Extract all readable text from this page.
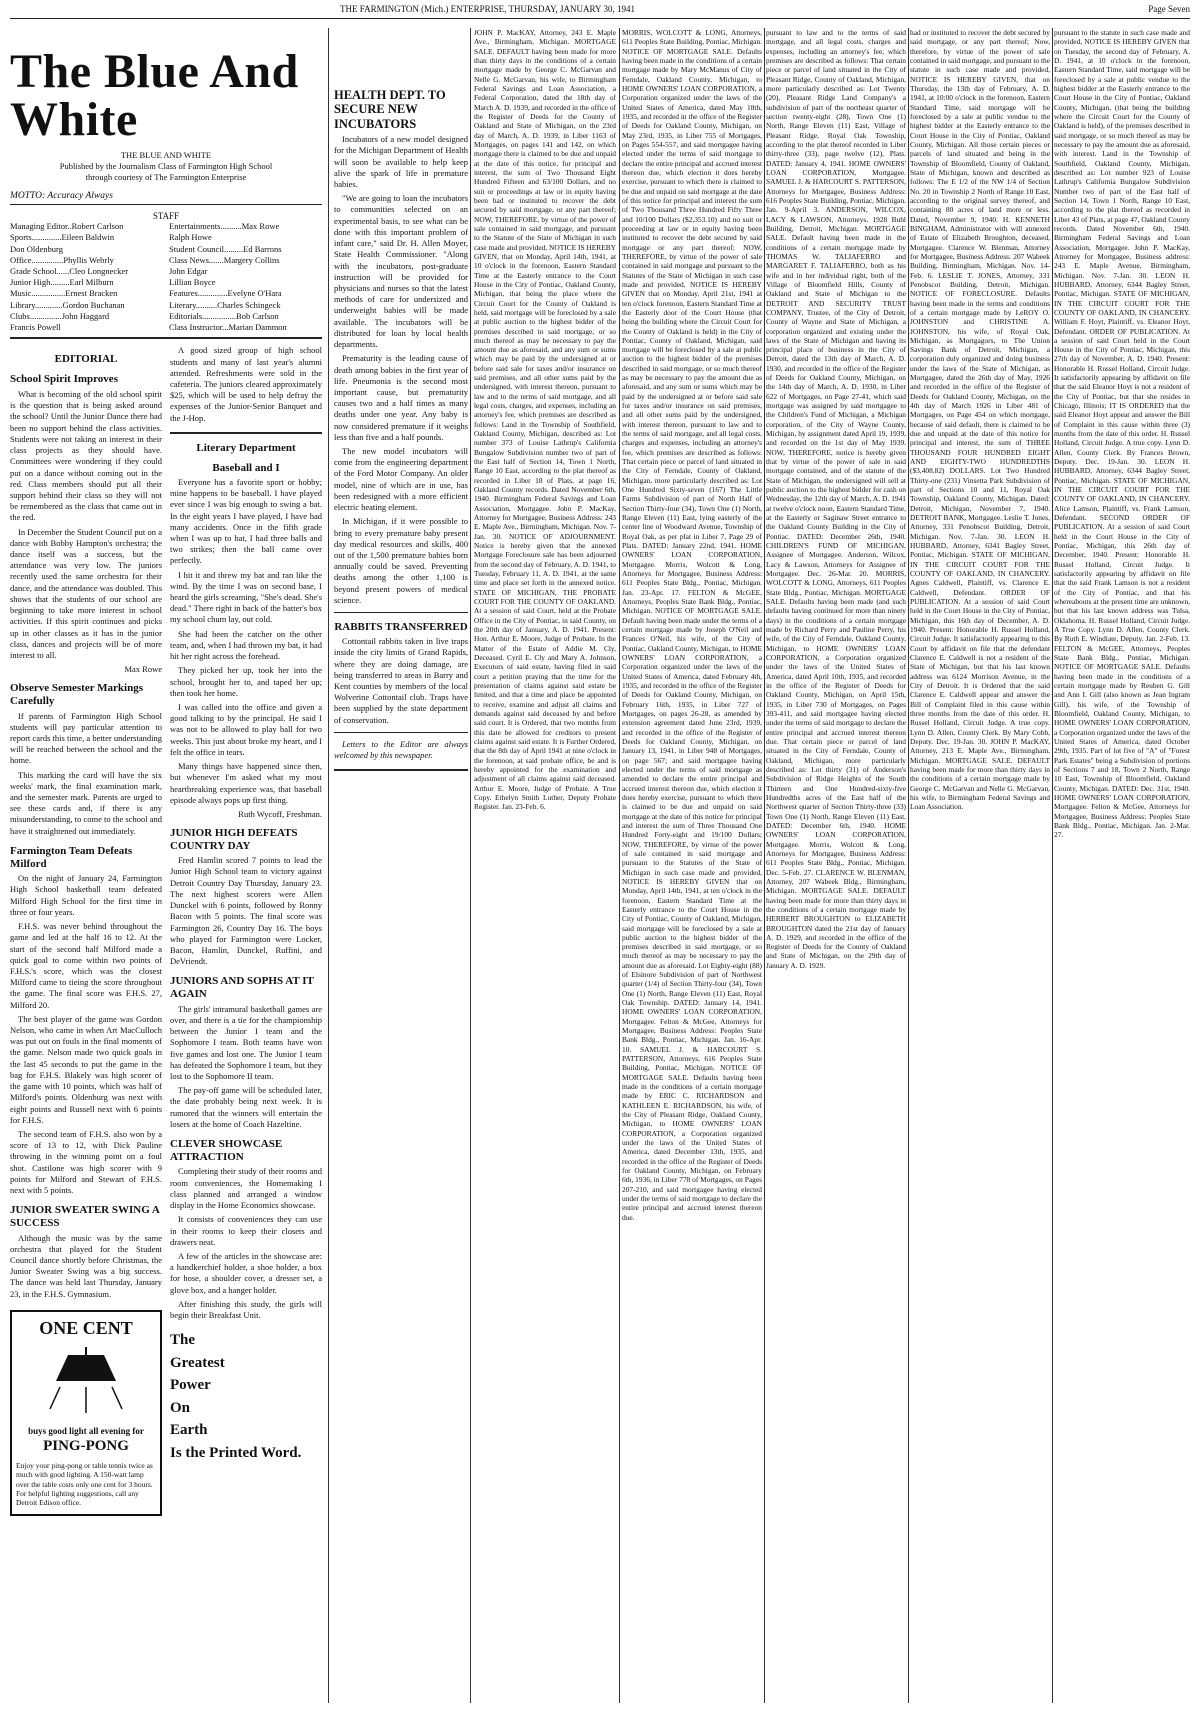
THE FARMINGTON (Mich.) ENTERPRISE, THURSDAY, JANUARY 30, 1941	Page Seven
The Blue And White
THE BLUE AND WHITE
Published by the Journalism Class of Farmington High School
through courtesy of The Farmington Enterprise
MOTTO: Accuracy Always
STAFF
Managing Editor..Robert Carlson
Sports..............Eileen Baldwin
Don Oldenburg
Office...............Phyllis Webrly
Grade School......Cleo Longnecker
Junior High.........Earl Milburn
Music................Ernest Bracken
Library.............Gordon Buchanan
Clubs...............John Haggard
Francis Powell
Entertainments..........Max Rowe
Ralph Howe
Student Council.........Ed Barrons
Class News.......Margery Collins
John Edgar
Lillian Boyce
Features..............Evelyne O'Hara
Literary..........Charles Schingeck
Editorials................Bob Carlson
Class Instructor...Marian Dammon
EDITORIAL
School Spirit Improves

What is becoming of the old school spirit is the question that is being asked around the school? Until the Junior Dance there had been no support behind the class activities. Students were not taking an interest in their class projects as they should have. Committees were wondering if they could put on a dance without coming out in the red. Class members should put all their support behind their class so they will not be remembered as the class that came out in the red.

In December the Student Council put on a dance with Bobby Hampton's orchestra; the dance itself was a success, but the attendance was very low. The juniors recently used the same orchestra for their dance, and the attendance was doubled. This shows that the students of our school are beginning to take more interest in school activities. If this spirit continues and picks up in other classes as it has in the junior class, dances and projects will be of more interest to all.

Max Rowe
Observe Semester Markings Carefully

If parents of Farmington High School students will pay particular attention to report cards this time, a better understanding will be reached between the school and the home.

This marking the card will have the six weeks' mark, the final examination mark, and the semester mark. Parents are urged to see these cards and, if there is any misunderstanding, to come to the school and have it straightened out immediately.

Farmington Team Defeats Milford

On the night of January 24, Farmington High School basketball team defeated Milford High School for the first time in three or four years.

F.H.S. was never behind throughout the game and led at the half 16 to 12. At the start of the second half Milford made a quick goal to come within two points of F.H.S.'s score, which was the closest Milford came to tieing the score throughout the game. The final score was F.H.S. 27, Milford 20.

The best player of the game was Gordon Nelson, who came in when Art MacCulloch was put out on fouls in the final moments of the game. Nelson made two quick goals in the last 45 seconds to put the game in the bag for F.H.S. Blakely was high scorer of the game with 10 points, which was half of Milford's points. Oldenburg was next with eight points and Russell next with 6 points for F.H.S.

The second team of F.H.S. also won by a score of 13 to 12, with Dick Pauline throwing in the winning point on a foul shot. Castilone was high scorer with 9 points for Milford and Stewart of F.H.S. next with 5 points.

JUNIOR SWEATER SWING A SUCCESS

Although the music was by the same orchestra that played for the Student Council dance shortly before Christmas, the Junior Sweater Swing was a big success. The dance was held last Thursday, January 23, in the F.H.S. Gymnasium.

ONE CENT
buys good light all evening for
PING-PONG
Enjoy your ping-pong or table tennis twice as much with good lighting. A 150-watt lamp over the table costs only one cent for 3 hours. For helpful lighting suggestions, call any Detroit Edison office.

A good sized group of high school students and many of last year's alumni attended. Refreshments were sold in the cafeteria. The juniors cleared approximately $25, which will be used to help defray the expenses of the Junior-Senior Banquet and the J-Hop.

Literary Department
Baseball and I

Everyone has a favorite sport or hobby; mine happens to be baseball. I have played ever since I was big enough to swing a bat. In the eight years I have played, I have had many accidents. Once in the fifth grade when I was up to bat, I had three balls and two strikes; then the ball came over perfectly.

I hit it and threw my bat and ran like the wind. By the time I was on second base, I heard the girls screaming, "She's dead. She's dead." There right in back of the batter's box my school chum lay, out cold.

She had been the catcher on the other team, and, when I had thrown my bat, it had hit her right across the forehead.

They picked her up, took her into the school, brought her to, and taped her up; then took her home.

I was called into the office and given a good talking to by the principal. He said I was not to be allowed to play ball for two weeks. This just about broke my heart, and I felt the office in tears.

Many things have happened since then, but whenever I'm asked what my most heartbreaking experience was, that baseball episode always pops up first thing.

Ruth Wycoff, Freshman.
JUNIOR HIGH DEFEATS COUNTRY DAY

Fred Hamlin scored 7 points to lead the Junior High School team to victory against Detroit Country Day Thursday, January 23. The next highest scorers were Allen Dunckel with 6 points, followed by Ronny Bacon with 5 points. The final score was Farmington 26, Country Day 16. The boys who played for Farmington were Locker, Bacon, Hamlin, Dunckel, Ruffini, and DeVriendt.

JUNIORS AND SOPHS AT IT AGAIN

The girls' intramural basketball games are over, and there is a tie for the championship between the Junior I team and the Sophomore I team. Both teams have won five games and lost one. The Junior I team has defeated the Sophomore I team, but they lost to the Sophomore II team.

The pay-off game will be scheduled later, the date probably being next week. It is rumored that the winners will entertain the losers at the home of Coach Hazeltine.

CLEVER SHOWCASE ATTRACTION

Completing their study of their rooms and room conveniences, the Homemaking I class planned and arranged a window display in the Home Economics showcase.

It consists of conveniences they can use in their rooms to keep their closets and drawers neat.

A few of the articles in the showcase are: a handkerchief holder, a shoe holder, a box for hose, a shoulder cover, a dresser set, a glove box, and a hanger holder.

After finishing this study, the girls will begin their Breakfast Unit.

The
Greatest
Power
On
Earth
Is the Printed Word.
HEALTH DEPT. TO SECURE NEW INCUBATORS

Incubators of a new model designed for the Michigan Department of Health will soon be available to help keep alive the spark of life in premature babies.

"We are going to loan the incubators to communities selected on an experimental basis, to see what can be done with this important problem of infant care," said Dr. H. Allen Moyer, State Health Commissioner. "Along with the incubators, post-graduate instruction will be provided for physicians and nurses so that the latest methods of care for undersized and underweight babies will be made available. The incubators will be distributed for loan by local health departments.

Prematurity is the leading cause of death among babies in the first year of life. Pneumonia is the second most important cause, but prematurity causes two and a half times as many deaths under one year. Any baby is now considered premature if it weighs less than five and a half pounds.

The new model incubators will come from the engineering department of the Ford Motor Company. An older model, nine of which are in use, has been redesigned with a more efficient electric heating element.

In Michigan, if it were possible to bring to every premature baby present day medical resources and skills, 400 out of the 1,500 premature babies born annually could be saved. Preventing deaths among the other 1,100 is beyond present powers of medical science.

RABBITS TRANSFERRED

Cottontail rabbits taken in live traps inside the city limits of Grand Rapids, where they are doing damage, are being transferred to areas in Barry and Kent counties by members of the local Wolverine Cottontail club. Traps have been supplied by the state department of conservation.

Letters to the Editor are always welcomed by this newspaper.

JOHN P. MacKAY, Attorney, 243 E. Maple Ave., Birmingham, Michigan. MORTGAGE SALE. DEFAULT having been made for more than thirty days in the conditions of a certain mortgage made by George C. McGarvan and Nelle G. McGarvan, his wife, to Birmingham Federal Savings and Loan Association, a Federal Corporation, dated the 18th day of March A. D. 1939, and recorded in the office of the Register of Deeds for the County of Oakland and State of Michigan, on the 23rd day of March, A. D. 1939, in Liber 1163 of Mortgages, on pages 141 and 142, on which mortgage there is claimed to be due and unpaid at the date of this notice, for principal and interest, the sum of Two Thousand Eight Hundred Fifteen and 63/100 Dollars, and no suit or proceedings at law or in equity having been had or instituted to recover the debt secured by said mortgage, or any part thereof; NOW, THEREFORE, by virtue of the power of sale contained in said mortgage, and pursuant to the Statute of the State of Michigan in such case made and provided, NOTICE IS HEREBY GIVEN, that on Monday, April 14th, 1941, at 10 o'clock in the forenoon, Eastern Standard Time at the Easterly entrance to the Court House in the City of Pontiac, Oakland County, Michigan, that being the place where the Circuit Court for the County of Oakland is held, said mortgage will be foreclosed by a sale at public auction to the highest bidder of the premises described in said mortgage, or so much thereof as may be necessary to pay the amount due as aforesaid, and any sum or sums which may be paid by the undersigned at or before said sale for taxes and/or insurance on said premises, and all other sums paid by the undersigned, with interest thereon, pursuant to law and to the terms of said mortgage, and all legal costs, charges, and expenses, including an attorney's fee, which premises are described as follows: Land in the Township of Southfield, Oakland County, Michigan, described as: Lot number 373 of Louise Lathrup's California Bungalow Subdivision number two of part of the East half of Section 14, Town 1 North, Range 10 East, according to the plat thereof as recorded in Liber 18 of Plats, at page 16, Oakland County records. Dated November 6th, 1940. Birmingham Federal Savings and Loan Association, Mortgagee. John P. MacKay, Attorney for Mortgagee, Business Address: 243 E. Maple Ave., Birmingham, Michigan. Nov. 7-Jan. 30. NOTICE OF ADJOURNMENT. Notice is hereby given that the annexed Mortgage Foreclosure sale has been adjourned from the second day of February, A. D. 1941, to Tuesday, February 11, A. D. 1941, at the same time and place set forth in the annexed notice. STATE OF MICHIGAN, THE PROBATE COURT FOR THE COUNTY OF OAKLAND. At a session of said Court, held at the Probate Office in the City of Pontiac, in said County, on the 20th day of January, A. D. 1941. Present: Hon. Arthur E. Moore, Judge of Probate. In the Matter of the Estate of Addie M. Cly, Deceased. Cyril E. Cly and Mary A. Johnson, Executors of said estate, having filed in said court a petition praying that the time for the presentation of claims against said estate be limited, and that a time and place be appointed to receive, examine and adjust all claims and demands against said deceased by and before said court. It is Ordered, that two months from this date be allowed for creditors to present claims against said estate. It is Further Ordered, that the 8th day of April 1941 at nine o'clock in the forenoon, at said probate office, be and is hereby appointed for the examination and adjustment of all claims against said deceased. Arthur E. Moore, Judge of Probate. A True Copy. Ethelyn Smith Luther, Deputy Probate Register. Jan. 23-Feb. 6.

MORRIS, WOLCOTT & LONG, Attorneys, 611 Peoples State Building, Pontiac, Michigan. NOTICE OF MORTGAGE SALE. Defaults having been made in the conditions of a certain mortgage made by Mary McManus of City of Ferndale, Oakland County, Michigan, to HOME OWNERS' LOAN CORPORATION, a Corporation organized under the laws of the United States of America, dated May 18th, 1935, and recorded in the office of the Register of Deeds for Oakland County, Michigan, on May 23rd, 1935, in Liber 755 of Mortgages, on Pages 554-557, and said mortgagee having elected under the terms of said mortgage to declare the entire principal and accrued interest thereon due, which election it does hereby exercise, pursuant to which there is claimed to be due and unpaid on said mortgage at the date of this notice for principal and interest the sum of Two Thousand Three Hundred Fifty Three and 10/100 Dollars ($2,353.10) and no suit or proceeding at law or in equity having been instituted to recover the debt secured by said mortgage or any part thereof; NOW, THEREFORE, by virtue of the power of sale contained in said mortgage and pursuant to the Statutes of the State of Michigan in such case made and provided, NOTICE IS HEREBY GIVEN that on Monday, April 21st, 1941 at ten o'clock forenoon, Eastern Standard Time at the Easterly door of the Court House (that being the building where the Circuit Court for the County of Oakland is held) in the City of Pontiac, County of Oakland, Michigan, said mortgage will be foreclosed by a sale at public auction to the highest bidder of the premises described in said mortgage, or so much thereof as may be necessary to pay the amount due as aforesaid, and any sum or sums which may be paid by the undersigned at or before said sale for taxes and/or insurance on said premises, and all other sums paid by the undersigned, with interest thereon, pursuant to law and to the terms of said mortgage, and all legal costs, charges and expenses, including an attorney's fee, which premises are described as follows: That certain piece or parcel of land situated in the City of Ferndale, County of Oakland, Michigan, more particularly described as: Lot One Hundred Sixty-seven (167) The Little Farms Subdivision of part of North Half of Section Thirty-four (34), Town One (1) North, Range Eleven (11) East, lying easterly of the center line of Woodward Avenue, Township of Royal Oak, as per plat in Liber 7, Page 29 of Plats. DATED: January 22nd, 1941. HOME OWNERS' LOAN CORPORATION, Mortgagee. Morris, Wolcott & Long, Attorneys for Mortgagee, Business Address: 611 Peoples State Bldg., Pontiac, Michigan. Jan. 23-Apr. 17. FELTON & McGEE, Attorneys, Peoples State Bank Bldg., Pontiac, Michigan. NOTICE OF MORTGAGE SALE. Default having been made under the terms of a certain mortgage made by Joseph O'Neil and Frances O'Neil, his wife, of the City of Pontiac, Oakland County, Michigan, to HOME OWNERS' LOAN CORPORATION, a Corporation organized under the laws of the United States of America, dated February 4th, 1935, and recorded in the office of the Register of Deeds for Oakland County, Michigan, on February 16th, 1935, in Liber 727 of Mortgages, on pages 26-28, as amended by extension agreement dated June 23rd, 1939, and recorded in the office of the Register of Deeds for Oakland County, Michigan, on January 13, 1941, in Liber 948 of Mortgages, on page 567; and said mortgagee having elected under the terms of said mortgage as amended to declare the entire principal and accrued interest thereon due, which election it does hereby exercise, pursuant to which there is claimed to be due and unpaid on said mortgage at the date of this notice for principal and interest the sum of Three Thousand One Hundred Forty-eight and 19/100 Dollars; NOW, THEREFORE, by virtue of the power of sale contained in said mortgage and pursuant to the Statutes of the State of Michigan in such case made and provided, NOTICE IS HEREBY GIVEN that on Monday, April 14th, 1941, at ten o'clock in the forenoon, Eastern Standard Time at the Easterly entrance to the Court House in the City of Pontiac, County of Oakland, Michigan, said mortgage will be foreclosed by a sale at public auction to the highest bidder of the premises described in said mortgage, or so much thereof as may be necessary to pay the amount due as aforesaid. Lot Eighty-eight (88) of Elsinore Subdivision of part of Northwest quarter (1/4) of Section Thirty-four (34), Town One (1) North, Range Eleven (11) East, Royal Oak Township. DATED: January 14, 1941. HOME OWNERS' LOAN CORPORATION, Mortgagee. Felton & McGee, Attorneys for Mortgagee, Business Address: Peoples State Bank Bldg., Pontiac, Michigan. Jan. 16-Apr. 10. SAMUEL J. & HARCOURT S. PATTERSON, Attorneys, 616 Peoples State Building, Pontiac, Michigan. NOTICE OF MORTGAGE SALE. Defaults having been made in the conditions of a certain mortgage made by ERIC C. RICHARDSON and KATHLEEN E. RICHARDSON, his wife, of the City of Pleasant Ridge, Oakland County, Michigan, to HOME OWNERS' LOAN CORPORATION, a Corporation organized under the laws of the United States of America, dated December 13th, 1935, and recorded in the office of the Register of Deeds for Oakland County, Michigan, on February 6th, 1936, in Liber 778 of Mortgages, on Pages 207-210, and said mortgagee having elected under the terms of said mortgage to declare the entire principal and accrued interest thereon due.

pursuant to law and to the terms of said mortgage, and all legal costs, charges and expenses, including an attorney's fee, which premises are described as follows: That certain piece or parcel of land situated in the City of Pleasant Ridge, County of Oakland, Michigan, more particularly described as: Lot Twenty (20), Pleasant Ridge Land Company's a subdivision of part of the northeast quarter of section twenty-eight (28), Town One (1) North, Range Eleven (11) East, Village of Pleasant Ridge, Royal Oak Township, according to the plat thereof recorded in Liber thirty-three (33), page twelve (12), Plats. DATED: January 4, 1941. HOME OWNERS' LOAN CORPORATION, Mortgagee. SAMUEL J. & HARCOURT S. PATTERSON, Attorneys for Mortgagee, Business Address: 616 Peoples State Building, Pontiac, Michigan. Jan. 9-April 3. ANDERSON, WILCOX, LACY & LAWSON, Attorneys, 1928 Buhl Building, Detroit, Michigan. MORTGAGE SALE. Default having been made in the conditions of a certain mortgage made by THOMAS W. TALIAFERRO and MARGARET F. TALIAFERRO, both as his wife and in her individual right, both of the Village of Bloomfield Hills, County of Oakland and State of Michigan to the DETROIT AND SECURITY TRUST COMPANY, Trustee, of the City of Detroit, County of Wayne and State of Michigan, a corporation organized and existing under the laws of the State of Michigan and having its principal place of business in the City of Detroit, dated the 13th day of March, A. D. 1930, and recorded in the office of the Register of Deeds for Oakland County, Michigan, on the 14th day of March, A. D. 1930, in Liber 622 of Mortgages, on Page 27-41, which said mortgage was assigned by said mortgagee to the Children's Fund of Michigan, a Michigan corporation, of the City of Wayne County, Michigan, by assignment dated April 19, 1939, and recorded on the 1st day of May 1939. NOW, THEREFORE, notice is hereby given that by virtue of the power of sale in said mortgage contained, and of the statute of the State of Michigan, the undersigned will sell at public auction to the highest bidder for cash on Wednesday, the 12th day of March, A. D. 1941 at twelve o'clock noon, Eastern Standard Time, at the Easterly or Saginaw Street entrance to the Oakland County Building in the City of Pontiac. DATED: December 26th, 1940. CHILDREN'S FUND OF MICHIGAN, Assignee of Mortgagee. Anderson, Wilcox, Lacy & Lawson, Attorneys for Assignee of Mortgagee. Dec. 26-Mar. 20. MORRIS, WOLCOTT & LONG, Attorneys, 611 Peoples State Bldg., Pontiac, Michigan. MORTGAGE SALE. Defaults having been made (and such defaults having continued for more than ninety days) in the conditions of a certain mortgage made by Richard Perry and Pauline Perry, his wife, of the City of Ferndale, Oakland County, Michigan, to HOME OWNERS' LOAN CORPORATION, a Corporation organized under the laws of the United States of America, dated April 10th, 1935, and recorded in the office of the Register of Deeds for Oakland County, Michigan, on April 15th, 1935, in Liber 730 of Mortgages, on Pages 393-411, and said mortgagee having elected under the terms of said mortgage to declare the entire principal and accrued interest thereon due. That certain piece or parcel of land situated in the City of Ferndale, County of Oakland, Michigan, more particularly described as: Lot thirty (31) of Anderson's Subdivision of Ridge Heights of the South Thirteen and One Hundred-sixty-five Hundredths acres of the East half of the Northwest quarter of Section Thirty-three (33) Town One (1) North, Range Eleven (11) East. DATED: December 6th, 1940. HOME OWNERS' LOAN CORPORATION, Mortgagee. Morris, Wolcott & Long, Attorneys for Mortgagee, Business Address: 611 Peoples State Bldg., Pontiac, Michigan. Dec. 5-Feb. 27. CLARENCE W. BLENMAN, Attorney, 207 Wabeek Bldg., Birmingham, Michigan. MORTGAGE SALE. DEFAULT having been made for more than thirty days in the conditions of a certain mortgage made by HERBERT BROUGHTON to ELIZABETH BROUGHTON dated the 21st day of January A. D. 1929, and recorded in the office of the Register of Deeds for the County of Oakland and State of Michigan, on the 29th day of January A. D. 1929.

had or instituted to recover the debt secured by said mortgage, or any part thereof; Now, therefore, by virtue of the power of sale contained in said mortgage, and pursuant to the statute in such case made and provided, NOTICE IS HEREBY GIVEN, that on Thursday, the 13th day of February, A. D. 1941, at 10:00 o'clock in the forenoon, Eastern Standard Time, said mortgage will be foreclosed by a sale at public vendue to the highest bidder at the Easterly entrance to the Court House in the City of Pontiac, Oakland County, Michigan. All those certain pieces or parcels of land situated and being in the Township of Bloomfield, County of Oakland, State of Michigan, known and described as follows: The E 1/2 of the NW 1/4 of Section No. 20 in Township 2 North of Range 10 East, according to the original survey thereof, and containing 80 acres of land more or less. Dated, November 9, 1940. H. KENNETH BINGHAM, Administrator with will annexed of Estate of Elizabeth Broughton, deceased, Mortgagee. Clarence W. Blenman, Attorney for Mortgagee, Business Address: 207 Wabeek Building, Birmingham, Michigan. Nov. 14-Feb. 6. LESLIE T. JONES, Attorney, 331 Penobscot Building, Detroit, Michigan. NOTICE OF FORECLOSURE. Defaults having been made in the terms and conditions of a certain mortgage made by LeROY O. JOHNSTON and CHRISTINE A. JOHNSTON, his wife, of Royal Oak, Michigan, as Mortgagors, to The Union Savings Bank of Detroit, Michigan, a corporation duly organized and doing business under the laws of the State of Michigan, as Mortgagee, dated the 26th day of May, 1926 and recorded in the office of the Register of Deeds for Oakland County, Michigan, on the 4th day of March 1926 in Liber 481 of Mortgages, on Page 454 on which mortgage, because of said default, there is claimed to be due and unpaid at the date of this notice for principal and interest, the sum of THREE THOUSAND FOUR HUNDRED EIGHT AND EIGHTY-TWO HUNDREDTHS ($3,408.82) DOLLARS. Lot Two Hundred Thirty-one (231) Vinsetta Park Subdivision of part of Sections 10 and 11, Royal Oak Township, Oakland County, Michigan. Dated: Detroit, Michigan, November 7, 1940. DETROIT BANK, Mortgagee. Leslie T. Jones, Attorney, 331 Penobscot Building, Detroit, Michigan. Nov. 7-Jan. 30. LEON H. HUBBARD, Attorney, 6341 Bagley Street, Pontiac, Michigan. STATE OF MICHIGAN, IN THE CIRCUIT COURT FOR THE COUNTY OF OAKLAND, IN CHANCERY. Agnes Caldwell, Plaintiff, vs. Clarence E. Caldwell, Defendant. ORDER OF PUBLICATION. At a session of said Court held in the Court House in the City of Pontiac, Michigan, this 16th day of December, A. D. 1940. Present: Honorable H. Russel Holland, Circuit Judge. It satisfactorily appearing to this Court by affidavit on file that the defendant Clarence E. Caldwell is not a resident of the State of Michigan, but that his last known address was 6124 Morrison Avenue, in the City of Detroit. It is Ordered that the said Clarence E. Caldwell appear and answer the Bill of Complaint filed in this cause within three months from the date of this order. H. Russel Holland, Circuit Judge. A true copy. Lynn D. Allen, County Clerk. By Mary Cobb, Deputy. Dec. 19-Jan. 30. JOHN P. MacKAY, Attorney, 213 E. Maple Ave., Birmingham, Michigan. MORTGAGE SALE. DEFAULT having been made for more than thirty days in the conditions of a certain mortgage made by George C. McGarvan and Nelle G. McGarvan, his wife, to Birmingham Federal Savings and Loan Association.

pursuant to the statute in such case made and provided, NOTICE IS HEREBY GIVEN that on Tuesday, the second day of February, A. D. 1941, at 10 o'clock in the forenoon, Eastern Standard Time, said mortgage will be foreclosed by a sale at public vendue to the highest bidder at the Easterly entrance to the Court House in the City of Pontiac, Oakland County, Michigan, (that being the building where the Circuit Court for the County of Oakland is held), of the premises described in said mortgage, or so much thereof as may be necessary to pay the amount due as aforesaid, with interest. Land in the Township of Southfield, Oakland County, Michigan, described as: Lot number 923 of Louise Lathrup's California Bungalow Subdivision Number two of part of the East half of Section 14, Town 1 North, Range 10 East, according to the plat thereof as recorded in Liber 43 of Plats, at page 47, Oakland County records. Dated November 6th, 1940. Birmingham Federal Savings and Loan Association, Mortgagee. John P. MacKay, Attorney for Mortgagee, Business address: 243 E. Maple Avenue, Birmingham, Michigan. Nov. 7-Jan. 30. LEON H. HUBBARD, Attorney, 6344 Bagley Street, Pontiac, Michigan. STATE OF MICHIGAN, IN THE CIRCUIT COURT FOR THE COUNTY OF OAKLAND, IN CHANCERY. William F. Hoyt, Plaintiff, vs. Eleanor Hoyt, Defendant. ORDER OF PUBLICATION. At a session of said Court held in the Court House in the City of Pontiac, Michigan, this 27th day of November, A. D. 1940. Present: Honorable H. Russel Holland, Circuit Judge. It satisfactorily appearing by affidavit on file that the said Eleanor Hoyt is not a resident of the City of Pontiac, but that she resides in Chicago, Illinois; IT IS ORDERED that the said Eleanor Hoyt appear and answer the Bill of Complaint in this cause within three (3) months from the date of this order. H. Russel Holland, Circuit Judge. A true copy. Lynn D. Allen, County Clerk. By Frances Brown, Deputy. Dec. 19-Jan. 30. LEON H. HUBBARD, Attorney, 6344 Bagley Street, Pontiac, Michigan. STATE OF MICHIGAN, IN THE CIRCUIT COURT FOR THE COUNTY OF OAKLAND, IN CHANCERY. Alice Lamson, Plaintiff, vs. Frank Lamson, Defendant. SECOND ORDER OF PUBLICATION. At a session of said Court held in the Court House in the City of Pontiac, Michigan, this 26th day of December, 1940. Present: Honorable H. Russel Holland, Circuit Judge. It satisfactorily appearing by affidavit on file that the said Frank Lamson is not a resident of the City of Pontiac, and that his whereabouts at the present time are unknown, but that his last known address was Tulsa, Oklahoma. H. Russel Holland, Circuit Judge. A True Copy. Lynn D. Allen, County Clerk. By Ruth E. Windiate, Deputy. Jan. 2-Feb. 13. FELTON & McGEE, Attorneys, Peoples State Bank Bldg., Pontiac, Michigan. NOTICE OF MORTGAGE SALE. Defaults having been made in the conditions of a certain mortgage made by Reuben G. Gill and Ann I. Gill (also known as Jean Ingram Gill), his wife, of the Township of Bloomfield, Oakland County, Michigan, to HOME OWNERS' LOAN CORPORATION, a Corporation organized under the laws of the United States of America, dated October 29th, 1935. Part of lot five of "A" of "Forest Park Estates" being a Subdivision of portions of Sections 7 and 18, Town 2 North, Range 10 East, Township of Bloomfield, Oakland County, Michigan. DATED: Dec. 31st, 1940. HOME OWNERS' LOAN CORPORATION, Mortgagee. Felton & McGee, Attorneys for Mortgagee, Business Address: Peoples State Bank Bldg., Pontiac, Michigan. Jan. 2-Mar. 27.
